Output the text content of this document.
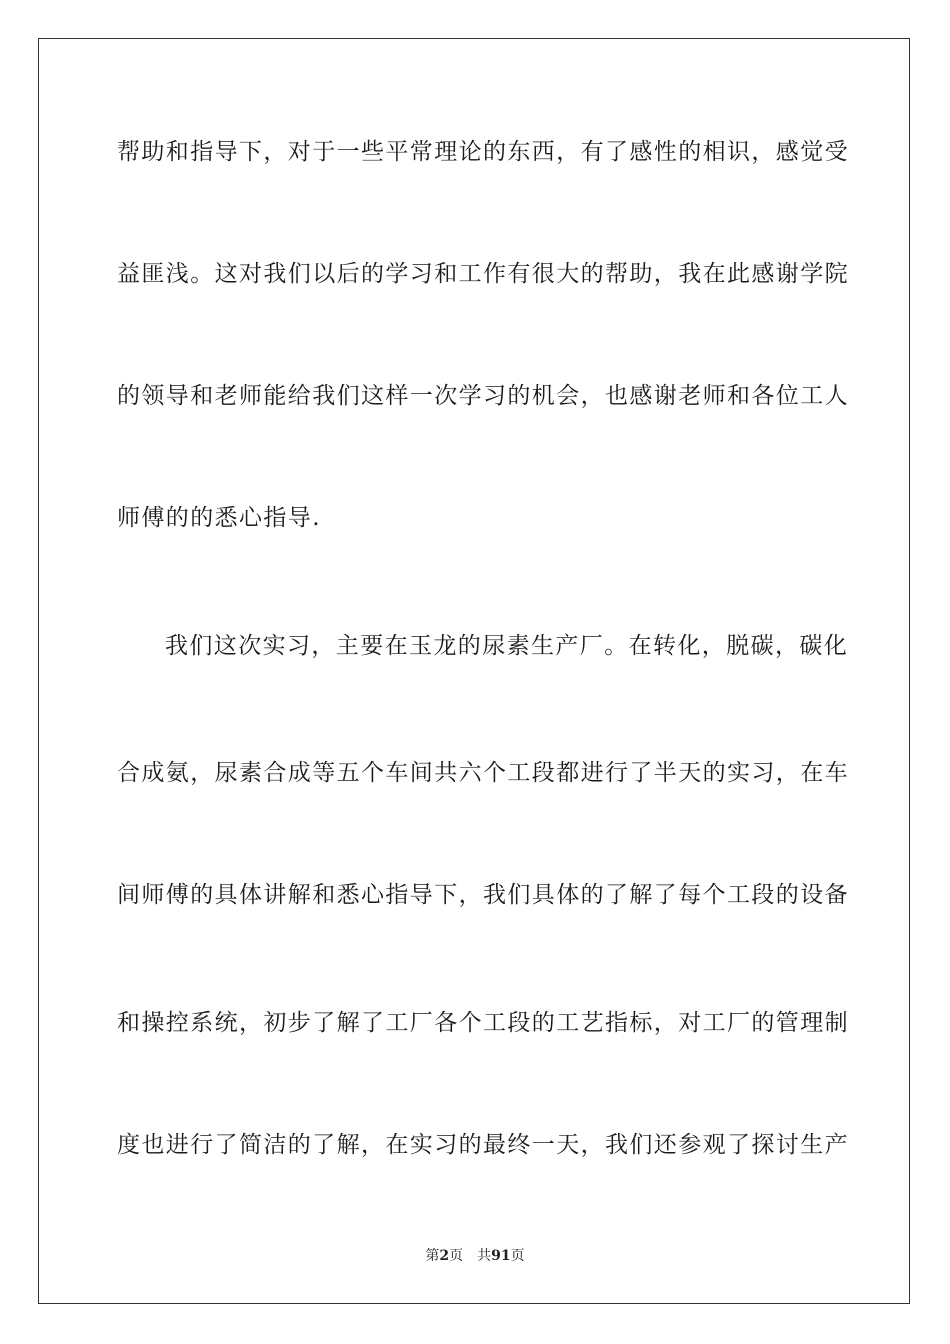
帮助和指导下，对于一些平常理论的东西，有了感性的相识，感觉受
益匪浅。这对我们以后的学习和工作有很大的帮助，我在此感谢学院
的领导和老师能给我们这样一次学习的机会，也感谢老师和各位工人
师傅的的悉心指导.
我们这次实习，主要在玉龙的尿素生产厂。在转化，脱碳，碳化
合成氨，尿素合成等五个车间共六个工段都进行了半天的实习，在车
间师傅的具体讲解和悉心指导下，我们具体的了解了每个工段的设备
和操控系统，初步了解了工厂各个工段的工艺指标，对工厂的管理制
度也进行了简洁的了解，在实习的最终一天，我们还参观了探讨生产
第2页 共91页
